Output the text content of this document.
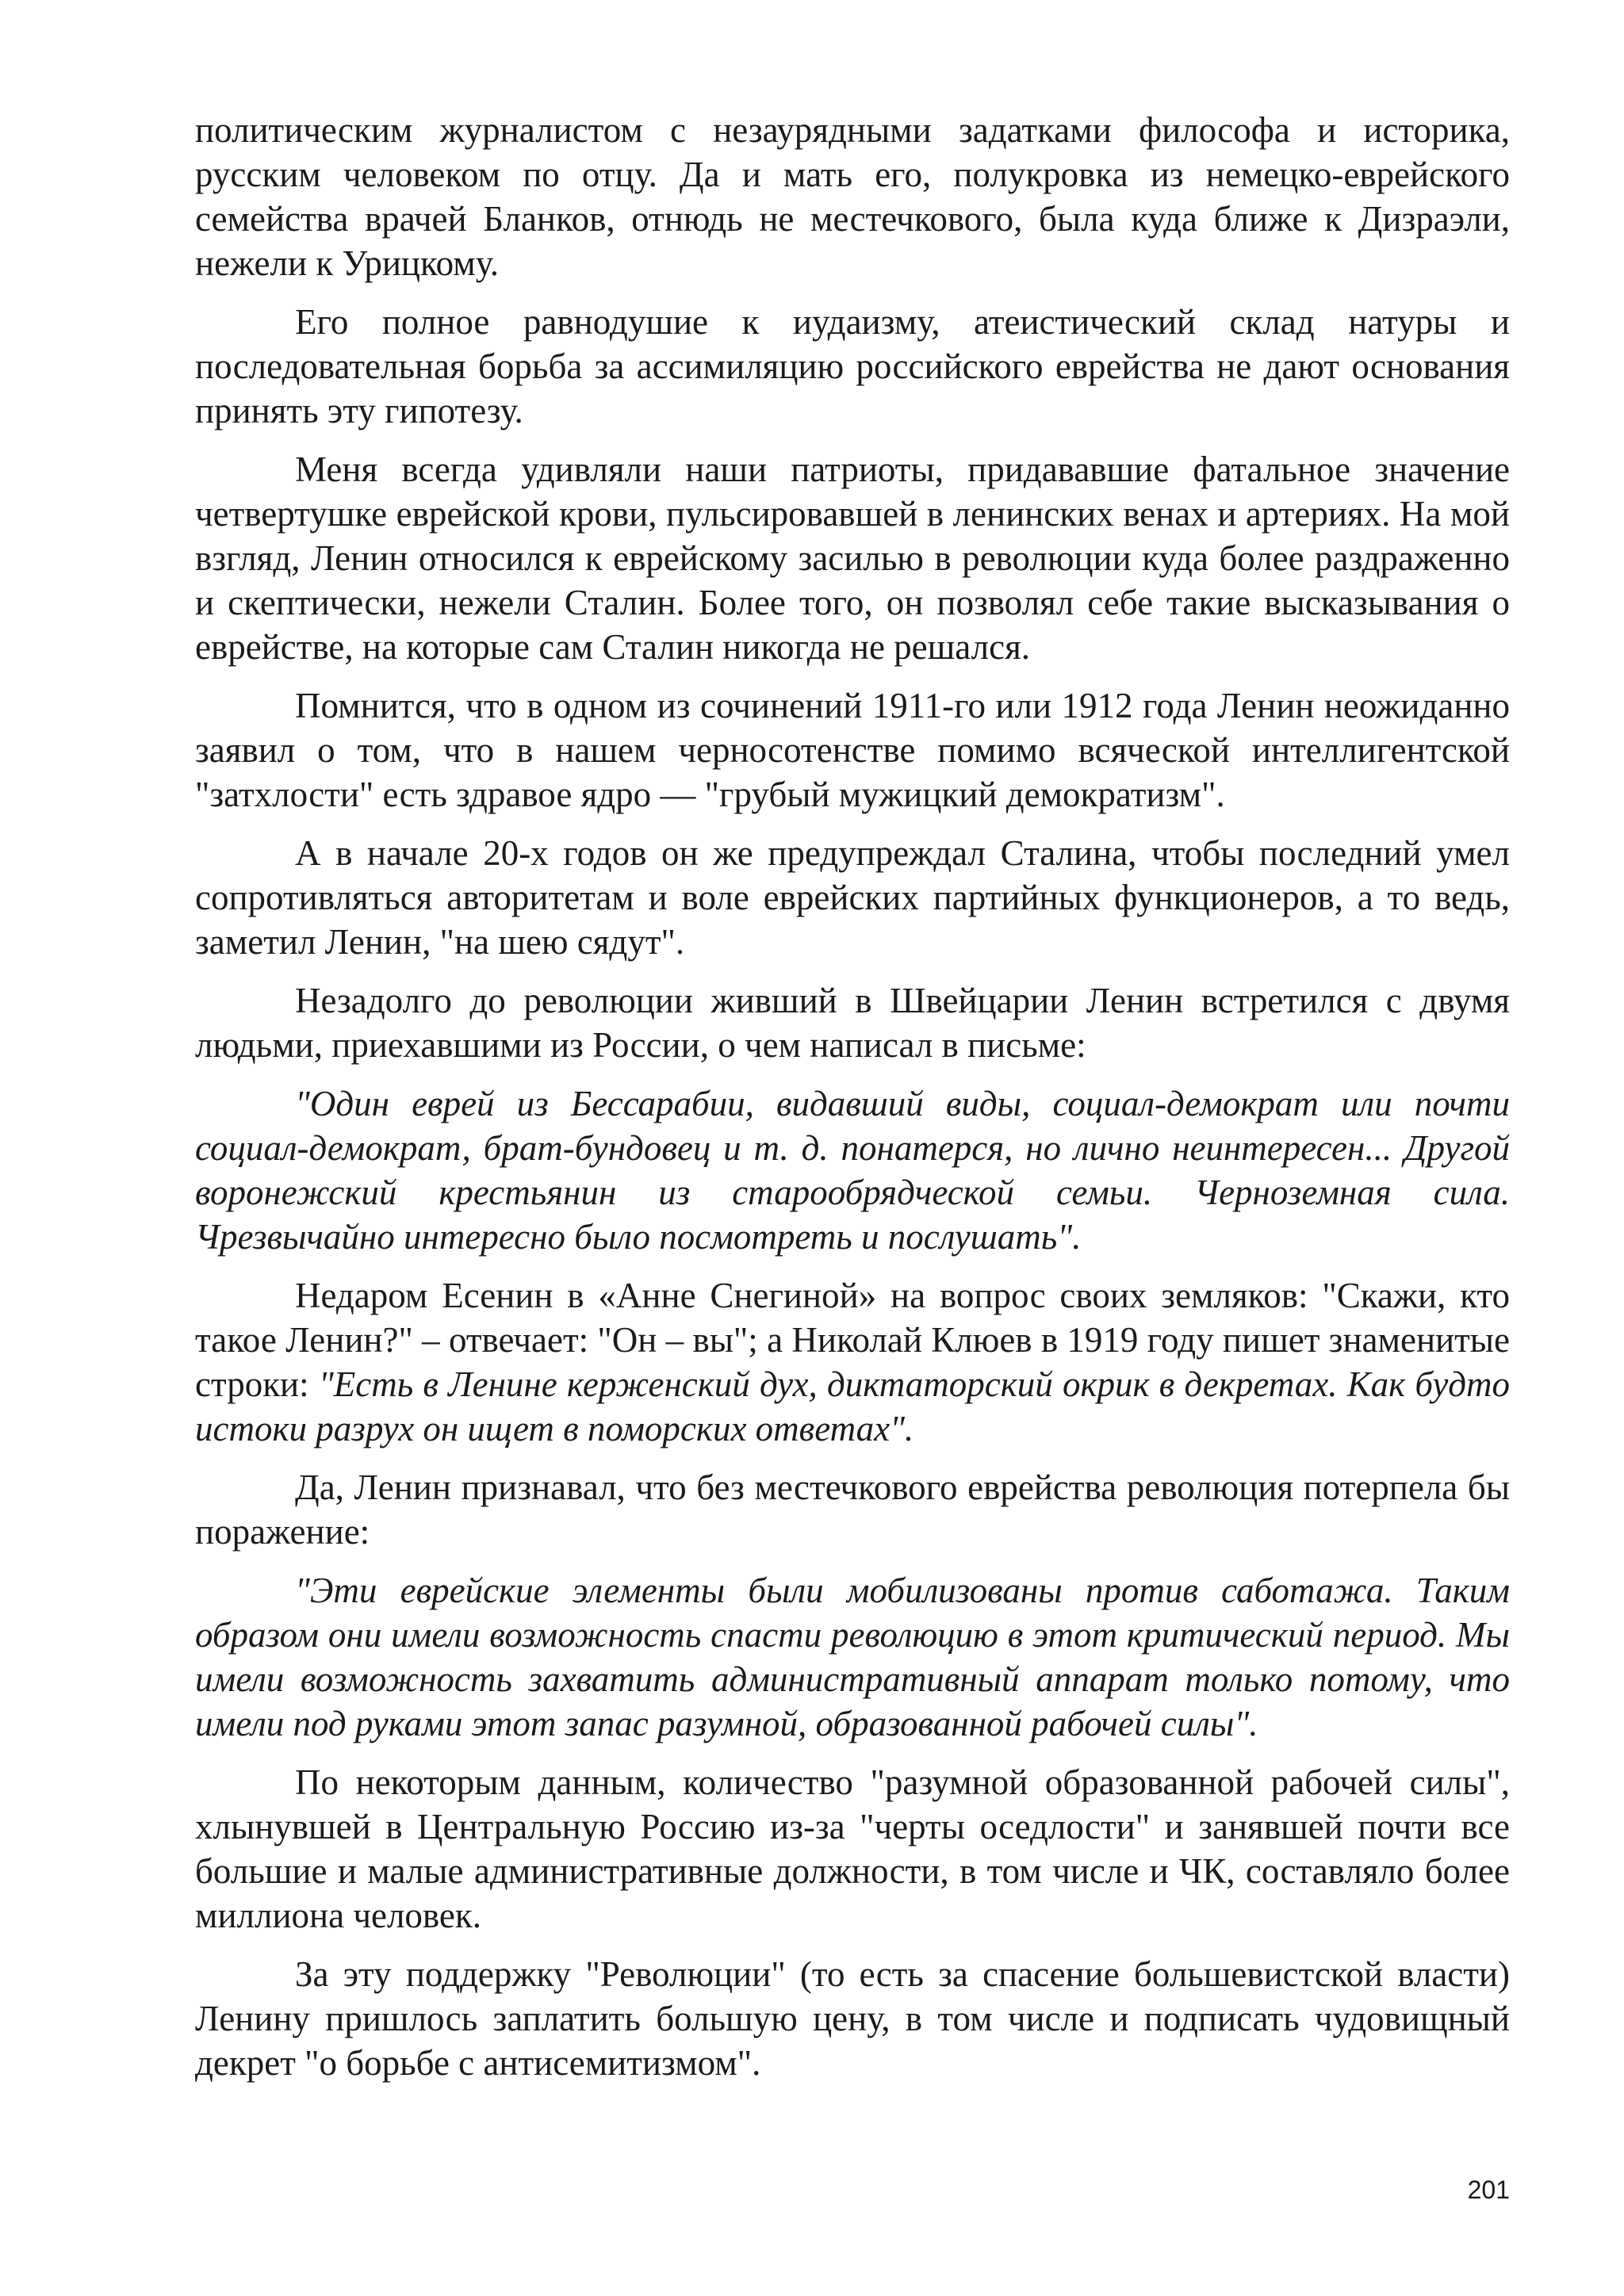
политическим журналистом с незаурядными задатками философа и историка, русским человеком по отцу. Да и мать его, полукровка из немецко-еврейского семейства врачей Бланков, отнюдь не местечкового, была куда ближе к Дизраэли, нежели к Урицкому.

Его полное равнодушие к иудаизму, атеистический склад натуры и последовательная борьба за ассимиляцию российского еврейства не дают основания принять эту гипотезу.

Меня всегда удивляли наши патриоты, придававшие фатальное значение четвертушке еврейской крови, пульсировавшей в ленинских венах и артериях. На мой взгляд, Ленин относился к еврейскому засилью в революции куда более раздраженно и скептически, нежели Сталин. Более того, он позволял себе такие высказывания о еврействе, на которые сам Сталин никогда не решался.

Помнится, что в одном из сочинений 1911-го или 1912 года Ленин неожиданно заявил о том, что в нашем черносотенстве помимо всяческой интеллигентской "затхлости" есть здравое ядро — "грубый мужицкий демократизм".

А в начале 20-х годов он же предупреждал Сталина, чтобы последний умел сопротивляться авторитетам и воле еврейских партийных функционеров, а то ведь, заметил Ленин, "на шею сядут".

Незадолго до революции живший в Швейцарии Ленин встретился с двумя людьми, приехавшими из России, о чем написал в письме:

"Один еврей из Бессарабии, видавший виды, социал-демократ или почти социал-демократ, брат-бундовец и т. д. понатерся, но лично неинтересен... Другой воронежский крестьянин из старообрядческой семьи. Черноземная сила. Чрезвычайно интересно было посмотреть и послушать".

Недаром Есенин в «Анне Снегиной» на вопрос своих земляков: "Скажи, кто такое Ленин?" – отвечает: "Он – вы"; а Николай Клюев в 1919 году пишет знаменитые строки: "Есть в Ленине керженский дух, диктаторский окрик в декретах. Как будто истоки разрух он ищет в поморских ответах".

Да, Ленин признавал, что без местечкового еврейства революция потерпела бы поражение:

"Эти еврейские элементы были мобилизованы против саботажа. Таким образом они имели возможность спасти революцию в этот критический период. Мы имели возможность захватить административный аппарат только потому, что имели под руками этот запас разумной, образованной рабочей силы".

По некоторым данным, количество "разумной образованной рабочей силы", хлынувшей в Центральную Россию из-за "черты оседлости" и занявшей почти все большие и малые административные должности, в том числе и ЧК, составляло более миллиона человек.

За эту поддержку "Революции" (то есть за спасение большевистской власти) Ленину пришлось заплатить большую цену, в том числе и подписать чудовищный декрет "о борьбе с антисемитизмом".

201
